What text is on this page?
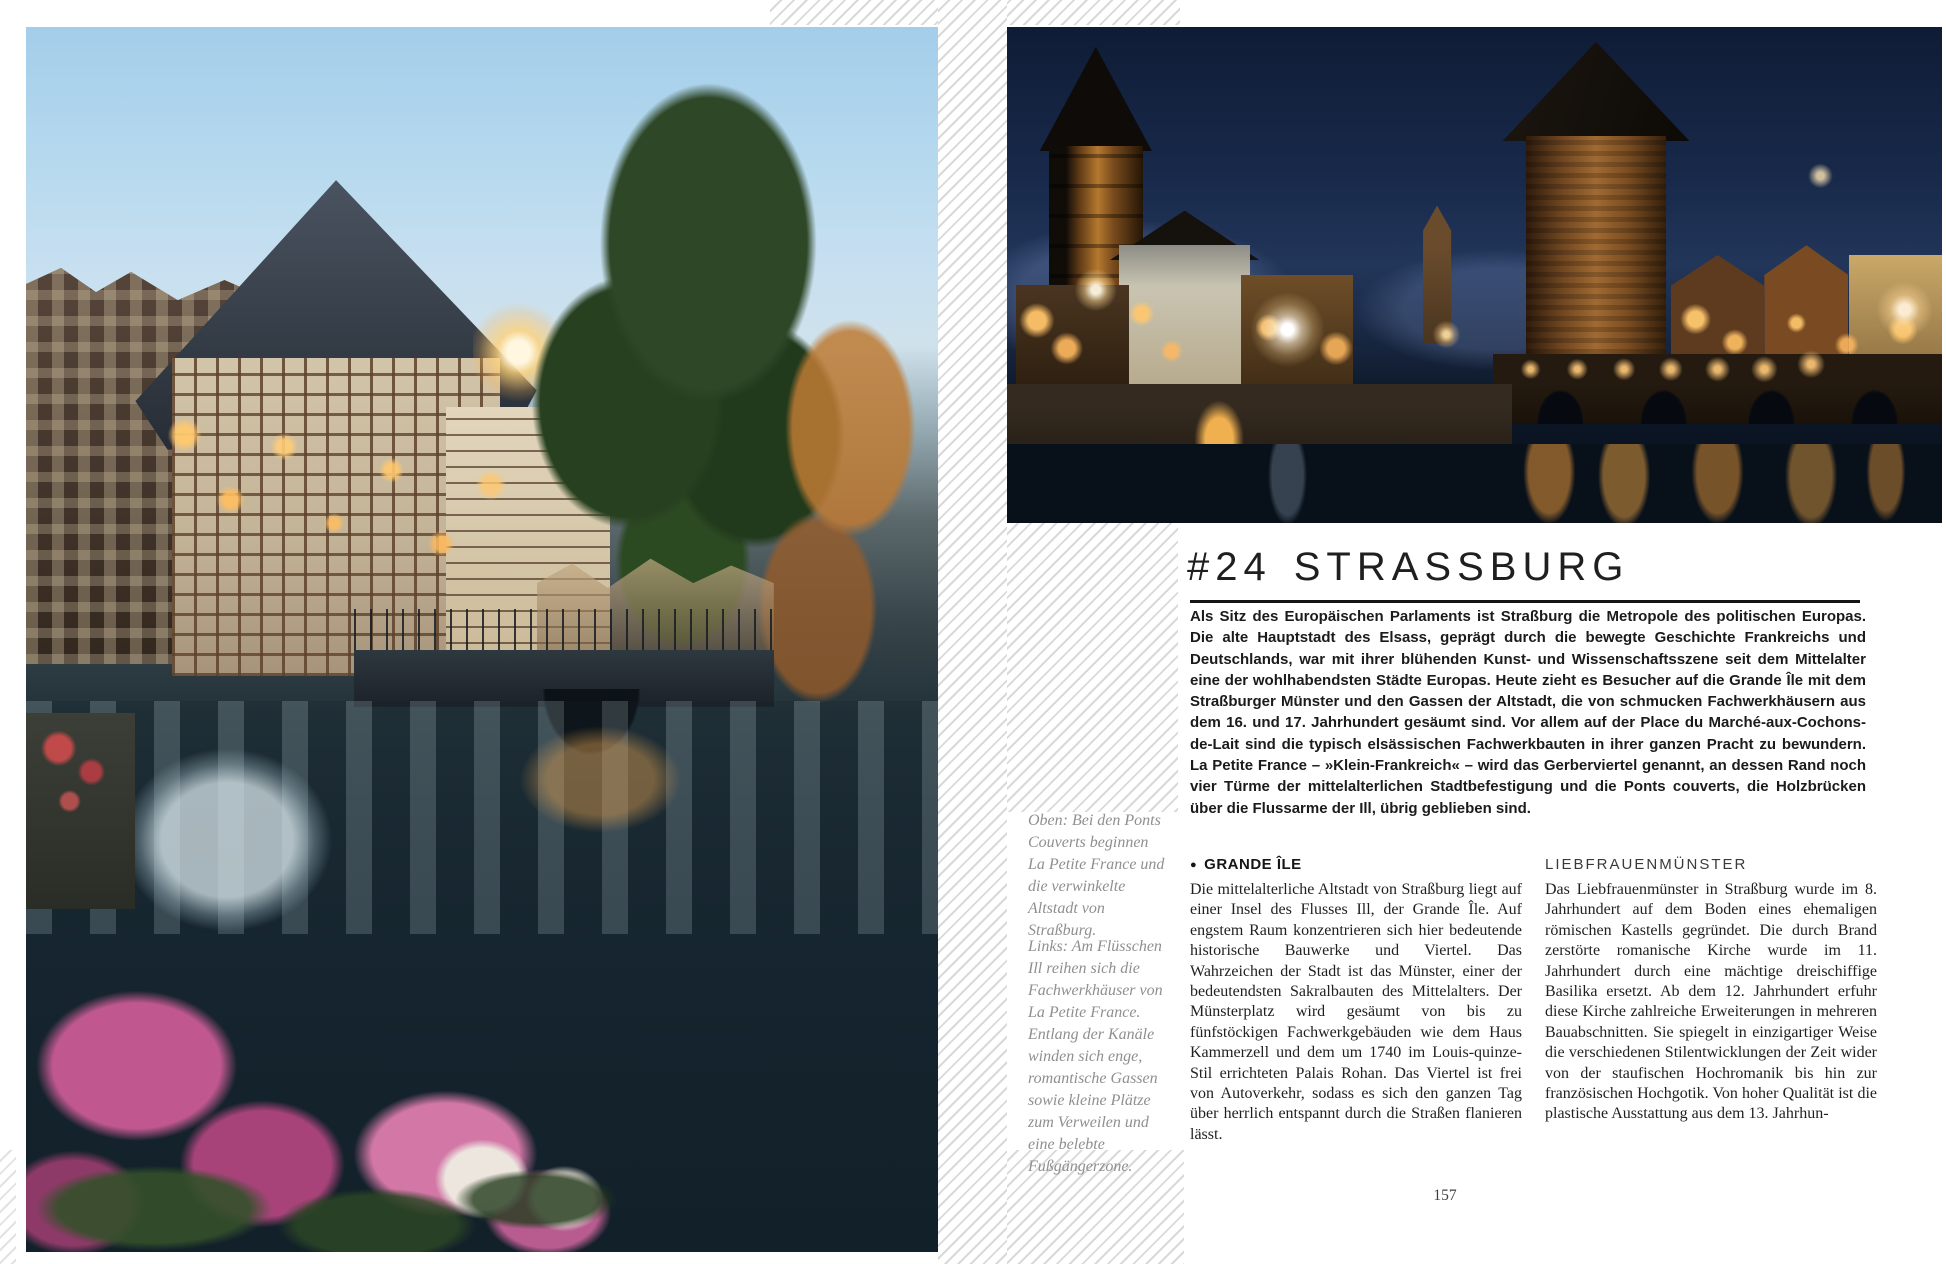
Oben: Bei den Ponts Couverts beginnen La Petite France und die verwinkelte Altstadt von Straßburg.
Links: Am Flüsschen Ill reihen sich die Fachwerkhäuser von La Petite France. Entlang der Kanäle winden sich enge, romantische Gassen sowie kleine Plätze zum Verweilen und eine belebte Fußgängerzone.
#24 STRASSBURG
Als Sitz des Europäischen Parlaments ist Straßburg die Metropole des politischen Europas. Die alte Hauptstadt des Elsass, geprägt durch die bewegte Geschichte Frankreichs und Deutschlands, war mit ihrer blühenden Kunst- und Wissenschaftsszene seit dem Mittelalter eine der wohlhabendsten Städte Europas. Heute zieht es Besucher auf die Grande Île mit dem Straßburger Münster und den Gassen der Altstadt, die von schmucken Fachwerkhäusern aus dem 16. und 17. Jahrhundert gesäumt sind. Vor allem auf der Place du Marché-aux-Cochons-de-Lait sind die typisch elsässischen Fachwerkbauten in ihrer ganzen Pracht zu bewundern. La Petite France – »Klein-Frankreich« – wird das Gerberviertel genannt, an dessen Rand noch vier Türme der mittelalterlichen Stadtbefestigung und die Ponts couverts, die Holzbrücken über die Flussarme der Ill, übrig geblieben sind.
● GRANDE ÎLE
Die mittelalterliche Altstadt von Straßburg liegt auf einer Insel des Flusses Ill, der Grande Île. Auf engstem Raum konzentrieren sich hier bedeutende historische Bauwerke und Viertel. Das Wahrzeichen der Stadt ist das Münster, einer der bedeutendsten Sakralbauten des Mittelalters. Der Münsterplatz wird gesäumt von bis zu fünfstöckigen Fachwerkgebäuden wie dem Haus Kammerzell und dem um 1740 im Louis-quinze-Stil errichteten Palais Rohan. Das Viertel ist frei von Autoverkehr, sodass es sich den ganzen Tag über herrlich entspannt durch die Straßen flanieren lässt.
LIEBFRAUENMÜNSTER
Das Liebfrauenmünster in Straßburg wurde im 8. Jahrhundert auf dem Boden eines ehemaligen römischen Kastells gegründet. Die durch Brand zerstörte romanische Kirche wurde im 11. Jahrhundert durch eine mächtige dreischiffige Basilika ersetzt. Ab dem 12. Jahrhundert erfuhr diese Kirche zahlreiche Erweiterungen in mehreren Bauabschnitten. Sie spiegelt in einzigartiger Weise die verschiedenen Stilentwicklungen der Zeit wider von der staufischen Hochromanik bis hin zur französischen Hochgotik. Von hoher Qualität ist die plastische Ausstattung aus dem 13. Jahrhun-
157
